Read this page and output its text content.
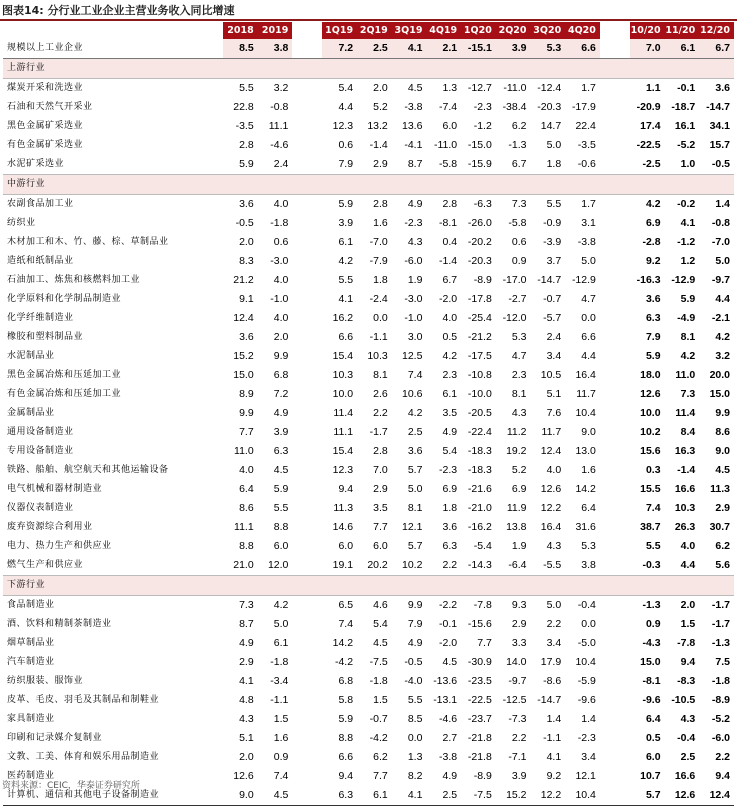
图表14: 分行业工业企业主营业务收入同比增速
	2018	2019		1Q19	2Q19	3Q19	4Q19	1Q20	2Q20	3Q20	4Q20		10/20	11/20	12/20
规模以上工业企业	8.5	3.8		7.2	2.5	4.1	2.1	-15.1	3.9	5.3	6.6		7.0	6.1	6.7
上游行业															
煤炭开采和洗选业	5.5	3.2		5.4	2.0	4.5	1.3	-12.7	-11.0	-12.4	1.7		1.1	-0.1	3.6
石油和天然气开采业	22.8	-0.8		4.4	5.2	-3.8	-7.4	-2.3	-38.4	-20.3	-17.9		-20.9	-18.7	-14.7
黑色金属矿采选业	-3.5	11.1		12.3	13.2	13.6	6.0	-1.2	6.2	14.7	22.4		17.4	16.1	34.1
有色金属矿采选业	2.8	-4.6		0.6	-1.4	-4.1	-11.0	-15.0	-1.3	5.0	-3.5		-22.5	-5.2	15.7
水泥矿采选业	5.9	2.4		7.9	2.9	8.7	-5.8	-15.9	6.7	1.8	-0.6		-2.5	1.0	-0.5
中游行业															
农副食品加工业	3.6	4.0		5.9	2.8	4.9	2.8	-6.3	7.3	5.5	1.7		4.2	-0.2	1.4
纺织业	-0.5	-1.8		3.9	1.6	-2.3	-8.1	-26.0	-5.8	-0.9	3.1		6.9	4.1	-0.8
木材加工和木、竹、藤、棕、草制品业	2.0	0.6		6.1	-7.0	4.3	0.4	-20.2	0.6	-3.9	-3.8		-2.8	-1.2	-7.0
造纸和纸制品业	8.3	-3.0		4.2	-7.9	-6.0	-1.4	-20.3	0.9	3.7	5.0		9.2	1.2	5.0
石油加工、炼焦和核燃料加工业	21.2	4.0		5.5	1.8	1.9	6.7	-8.9	-17.0	-14.7	-12.9		-16.3	-12.9	-9.7
化学原料和化学制品制造业	9.1	-1.0		4.1	-2.4	-3.0	-2.0	-17.8	-2.7	-0.7	4.7		3.6	5.9	4.4
化学纤维制造业	12.4	4.0		16.2	0.0	-1.0	4.0	-25.4	-12.0	-5.7	0.0		6.3	-4.9	-2.1
橡胶和塑料制品业	3.6	2.0		6.6	-1.1	3.0	0.5	-21.2	5.3	2.4	6.6		7.9	8.1	4.2
水泥制品业	15.2	9.9		15.4	10.3	12.5	4.2	-17.5	4.7	3.4	4.4		5.9	4.2	3.2
黑色金属冶炼和压延加工业	15.0	6.8		10.3	8.1	7.4	2.3	-10.8	2.3	10.5	16.4		18.0	11.0	20.0
有色金属冶炼和压延加工业	8.9	7.2		10.0	2.6	10.6	6.1	-10.0	8.1	5.1	11.7		12.6	7.3	15.0
金属制品业	9.9	4.9		11.4	2.2	4.2	3.5	-20.5	4.3	7.6	10.4		10.0	11.4	9.9
通用设备制造业	7.7	3.9		11.1	-1.7	2.5	4.9	-22.4	11.2	11.7	9.0		10.2	8.4	8.6
专用设备制造业	11.0	6.3		15.4	2.8	3.6	5.4	-18.3	19.2	12.4	13.0		15.6	16.3	9.0
铁路、船舶、航空航天和其他运输设备	4.0	4.5		12.3	7.0	5.7	-2.3	-18.3	5.2	4.0	1.6		0.3	-1.4	4.5
电气机械和器材制造业	6.4	5.9		9.4	2.9	5.0	6.9	-21.6	6.9	12.6	14.2		15.5	16.6	11.3
仪器仪表制造业	8.6	5.5		11.3	3.5	8.1	1.8	-21.0	11.9	12.2	6.4		7.4	10.3	2.9
废弃资源综合利用业	11.1	8.8		14.6	7.7	12.1	3.6	-16.2	13.8	16.4	31.6		38.7	26.3	30.7
电力、热力生产和供应业	8.8	6.0		6.0	6.0	5.7	6.3	-5.4	1.9	4.3	5.3		5.5	4.0	6.2
燃气生产和供应业	21.0	12.0		19.1	20.2	10.2	2.2	-14.3	-6.4	-5.5	3.8		-0.3	4.4	5.6
下游行业															
食品制造业	7.3	4.2		6.5	4.6	9.9	-2.2	-7.8	9.3	5.0	-0.4		-1.3	2.0	-1.7
酒、饮料和精制茶制造业	8.7	5.0		7.4	5.4	7.9	-0.1	-15.6	2.9	2.2	0.0		0.9	1.5	-1.7
烟草制品业	4.9	6.1		14.2	4.5	4.9	-2.0	7.7	3.3	3.4	-5.0		-4.3	-7.8	-1.3
汽车制造业	2.9	-1.8		-4.2	-7.5	-0.5	4.5	-30.9	14.0	17.9	10.4		15.0	9.4	7.5
纺织服装、服饰业	4.1	-3.4		6.8	-1.8	-4.0	-13.6	-23.5	-9.7	-8.6	-5.9		-8.1	-8.3	-1.8
皮革、毛皮、羽毛及其制品和制鞋业	4.8	-1.1		5.8	1.5	5.5	-13.1	-22.5	-12.5	-14.7	-9.6		-9.6	-10.5	-8.9
家具制造业	4.3	1.5		5.9	-0.7	8.5	-4.6	-23.7	-7.3	1.4	1.4		6.4	4.3	-5.2
印刷和记录媒介复制业	5.1	1.6		8.8	-4.2	0.0	2.7	-21.8	2.2	-1.1	-2.3		0.5	-0.4	-6.0
文教、工美、体育和娱乐用品制造业	2.0	0.9		6.6	6.2	1.3	-3.8	-21.8	-7.1	4.1	3.4		6.0	2.5	2.2
医药制造业	12.6	7.4		9.4	7.7	8.2	4.9	-8.9	3.9	9.2	12.1		10.7	16.6	9.4
计算机、通信和其他电子设备制造业	9.0	4.5		6.3	6.1	4.1	2.5	-7.5	15.2	12.2	10.4		5.7	12.6	12.4
资料来源：CEIC，华泰证券研究所
